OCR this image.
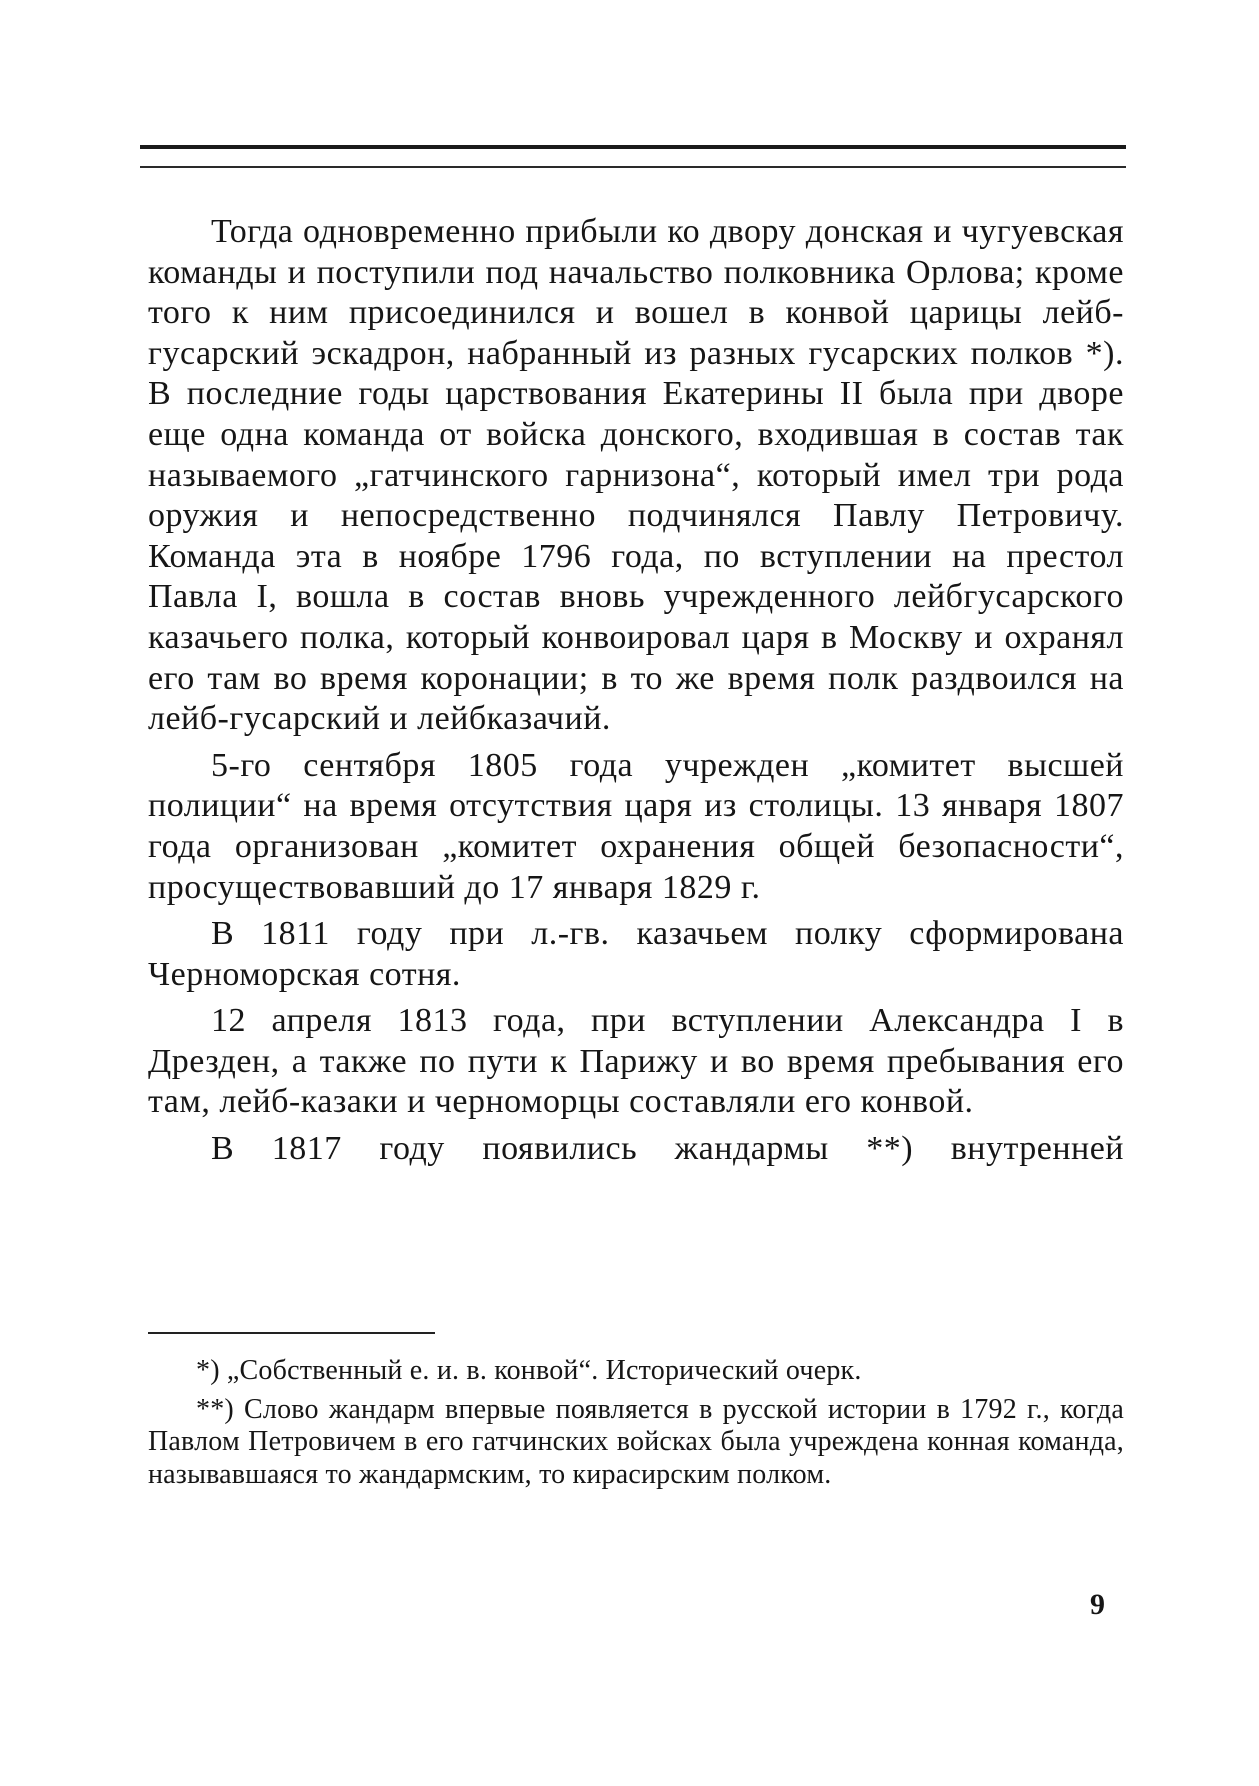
Тогда одновременно прибыли ко двору донская и чугуевская команды и поступили под начальство полковника Орлова; кроме того к ним присоединился и вошел в конвой царицы лейб-гусарский эскадрон, набранный из разных гусарских полков *). В последние годы царствования Екатерины II была при дворе еще одна команда от войска донского, входившая в состав так называемого „гатчинского гарнизона“, который имел три рода оружия и непосредственно подчинялся Павлу Петровичу. Команда эта в ноябре 1796 года, по вступлении на престол Павла I, вошла в состав вновь учрежденного лейбгусарского казачьего полка, который конвоировал царя в Москву и охранял его там во время коронации; в то же время полк раздвоился на лейб-гусарский и лейбказачий.

5-го сентября 1805 года учрежден „комитет высшей полиции“ на время отсутствия царя из столицы. 13 января 1807 года организован „комитет охранения общей безопасности“, просуществовавший до 17 января 1829 г.

В 1811 году при л.-гв. казачьем полку сформирована Черноморская сотня.

12 апреля 1813 года, при вступлении Александра I в Дрезден, а также по пути к Парижу и во время пребывания его там, лейб-казаки и черноморцы составляли его конвой.

В 1817 году появились жандармы **) внутренней

*) „Собственный е. и. в. конвой“. Исторический очерк.

**) Слово жандарм впервые появляется в русской истории в 1792 г., когда Павлом Петровичем в его гатчинских войсках была учреждена конная команда, называвшаяся то жандармским, то кирасирским полком.

9
